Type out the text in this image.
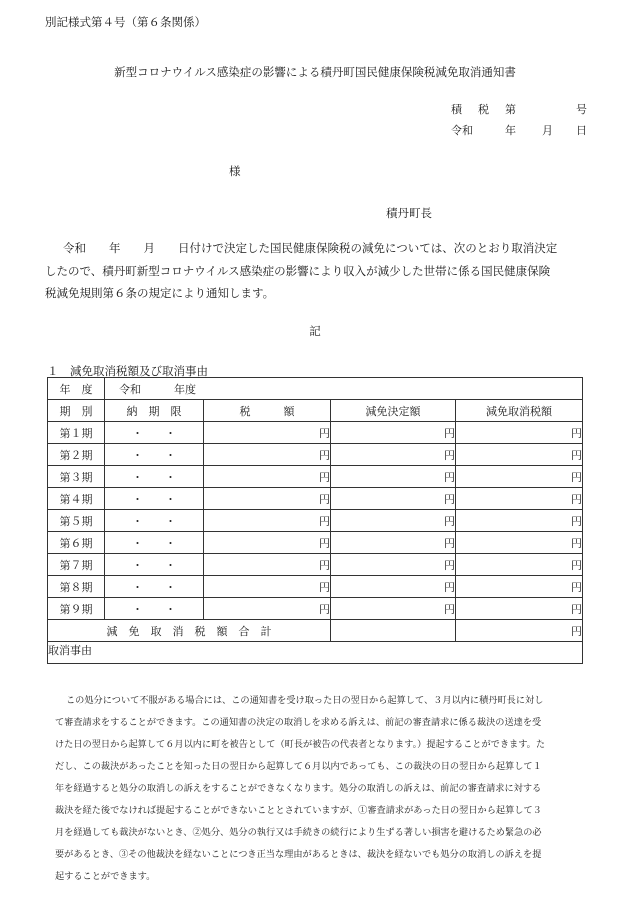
別記様式第４号（第６条関係）
新型コロナウイルス感染症の影響による積丹町国民健康保険税減免取消通知書
積 税 第	号
令和	年 月 日
様
積丹町長
令和　　年　　月　　日付けで決定した国民健康保険税の減免については、次のとおり取消決定
したので、積丹町新型コロナウイルス感染症の影響により収入が減少した世帯に係る国民健康保険
税減免規則第６条の規定により通知します。
記
１　減免取消税額及び取消事由
年　度	令和　　　年度			
期　別	納　期　限	税　　　額	減免決定額	減免取消税額
第１期	・　　・	円	円	円
第２期	・　　・	円	円	円
第３期	・　　・	円	円	円
第４期	・　　・	円	円	円
第５期	・　　・	円	円	円
第６期	・　　・	円	円	円
第７期	・　　・	円	円	円
第８期	・　　・	円	円	円
第９期	・　　・	円	円	円
減　免　取　消　税　額　合　計				円
取消事由				
この処分について不服がある場合には、この通知書を受け取った日の翌日から起算して、３月以内に積丹町長に対し
て審査請求をすることができます。この通知書の決定の取消しを求める訴えは、前記の審査請求に係る裁決の送達を受
けた日の翌日から起算して６月以内に町を被告として（町長が被告の代表者となります。）提起することができます。た
だし、この裁決があったことを知った日の翌日から起算して６月以内であっても、この裁決の日の翌日から起算して１
年を経過すると処分の取消しの訴えをすることができなくなります。処分の取消しの訴えは、前記の審査請求に対する
裁決を経た後でなければ提起することができないこととされていますが、①審査請求があった日の翌日から起算して３
月を経過しても裁決がないとき、②処分、処分の執行又は手続きの続行により生ずる著しい損害を避けるため緊急の必
要があるとき、③その他裁決を経ないことにつき正当な理由があるときは、裁決を経ないでも処分の取消しの訴えを提
起することができます。
